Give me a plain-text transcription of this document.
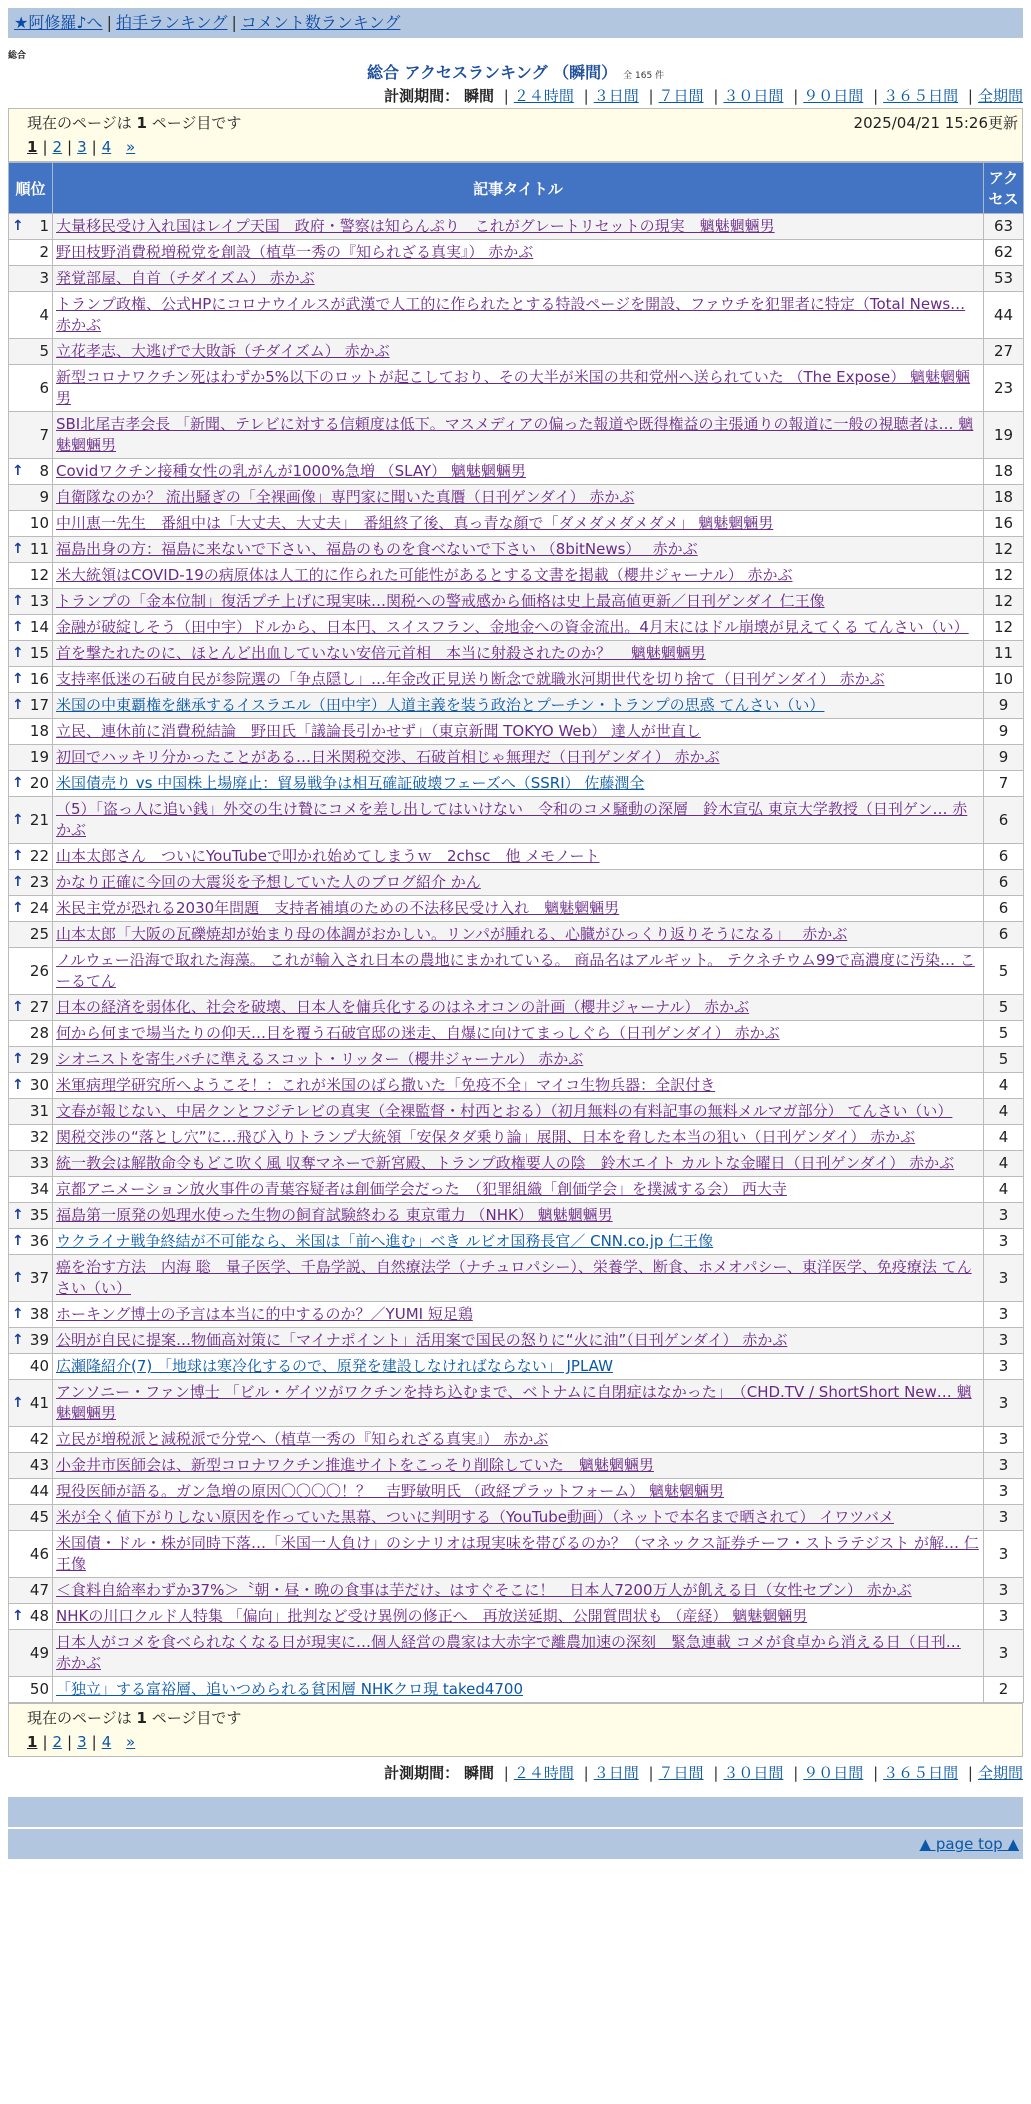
★阿修羅♪へ | 拍手ランキング | コメント数ランキング
総合
総合 アクセスランキング （瞬間） 全 165 件
計測期間： 瞬間 | ２４時間 | ３日間 | ７日間 | ３０日間 | ９０日間 | ３６５日間 | 全期間
現在のページは 1 ページ目です	2025/04/21 15:26更新
1 | 2 | 3 | 4 »
順位	記事タイトル	アクセス

↑ 1	大量移民受け入れ国はレイプ天国　政府・警察は知らんぷり　これがグレートリセットの現実　魑魅魍魎男	63
2	野田枝野消費税増税党を創設（植草一秀の『知られざる真実』） 赤かぶ	62
3	発覚部屋、自首（チダイズム） 赤かぶ	53
4	トランプ政権、公式HPにコロナウイルスが武漢で人工的に作られたとする特設ページを開設、ファウチを犯罪者に特定（Total News… 赤かぶ	44
5	立花孝志、大逃げで大敗訴（チダイズム） 赤かぶ	27
6	新型コロナワクチン死はわずか5%以下のロットが起こしており、その大半が米国の共和党州へ送られていた （The Expose） 魑魅魍魎男	23
7	SBI北尾吉孝会長 「新聞、テレビに対する信頼度は低下。マスメディアの偏った報道や既得権益の主張通りの報道に一般の視聴者は… 魑魅魍魎男	19

↑ 8	Covidワクチン接種女性の乳がんが1000%急増 （SLAY） 魑魅魍魎男	18
9	自衛隊なのか？ 流出騒ぎの「全裸画像」専門家に聞いた真贋（日刊ゲンダイ） 赤かぶ	18
10	中川恵一先生　番組中は「大丈夫、大丈夫」　番組終了後、真っ青な顔で「ダメダメダメダメ」 魑魅魍魎男	16

↑ 11	福島出身の方：福島に来ないで下さい、福島のものを食べないで下さい （8bitNews）　 赤かぶ	12
12	米大統領はCOVID-19の病原体は人工的に作られた可能性があるとする文書を掲載（櫻井ジャーナル） 赤かぶ	12

↑ 13	トランプの「金本位制」復活プチ上げに現実味…関税への警戒感から価格は史上最高値更新／日刊ゲンダイ 仁王像	12

↑ 14	金融が破綻しそう（田中宇）ドルから、日本円、スイスフラン、金地金への資金流出。4月末にはドル崩壊が見えてくる てんさい（い）	12

↑ 15	首を撃たれたのに、ほとんど出血していない安倍元首相　本当に射殺されたのか？　 魑魅魍魎男	11

↑ 16	支持率低迷の石破自民が参院選の「争点隠し」…年金改正見送り断念で就職氷河期世代を切り捨て（日刊ゲンダイ） 赤かぶ	10

↑ 17	米国の中東覇権を継承するイスラエル（田中宇）人道主義を装う政治とプーチン・トランプの思惑 てんさい（い）	9
18	立民、連休前に消費税結論　野田氏「議論長引かせず」（東京新聞 TOKYO Web） 達人が世直し	9
19	初回でハッキリ分かったことがある…日米関税交渉、石破首相じゃ無理だ（日刊ゲンダイ） 赤かぶ	9

↑ 20	米国債売り vs 中国株上場廃止：貿易戦争は相互確証破壊フェーズへ（SSRI） 佐藤潤全	7

↑ 21	（5）「盗っ人に追い銭」外交の生け贄にコメを差し出してはいけない　令和のコメ騒動の深層　鈴木宣弘 東京大学教授（日刊ゲン… 赤かぶ	6

↑ 22	山本太郎さん　ついにYouTubeで叩かれ始めてしまうｗ　2chsc　他 メモノート	6

↑ 23	かなり正確に今回の大震災を予想していた人のブログ紹介 かん	6

↑ 24	米民主党が恐れる2030年問題　支持者補填のための不法移民受け入れ　魑魅魍魎男	6
25	山本太郎「大阪の瓦礫焼却が始まり母の体調がおかしい。リンパが腫れる、心臓がひっくり返りそうになる」　 赤かぶ	6
26	ノルウェー沿海で取れた海藻。 これが輸入され日本の農地にまかれている。 商品名はアルギット。 テクネチウム99で高濃度に汚染… こーるてん	5

↑ 27	日本の経済を弱体化、社会を破壊、日本人を傭兵化するのはネオコンの計画（櫻井ジャーナル） 赤かぶ	5
28	何から何まで場当たりの仰天…目を覆う石破官邸の迷走、自爆に向けてまっしぐら（日刊ゲンダイ） 赤かぶ	5

↑ 29	シオニストを寄生バチに準えるスコット・リッター（櫻井ジャーナル） 赤かぶ	5

↑ 30	米軍病理学研究所へようこそ！：これが米国のばら撒いた「免疫不全」マイコ生物兵器：全訳付き	4
31	文春が報じない、中居クンとフジテレビの真実（全裸監督・村西とおる）（初月無料の有料記事の無料メルマガ部分） てんさい（い）	4
32	関税交渉の“落とし穴”に…飛び入りトランプ大統領「安保タダ乗り論」展開、日本を脅した本当の狙い（日刊ゲンダイ） 赤かぶ	4
33	統一教会は解散命令もどこ吹く風 収奪マネーで新宮殿、トランプ政権要人の陰　鈴木エイト カルトな金曜日（日刊ゲンダイ） 赤かぶ	4
34	京都アニメーション放火事件の青葉容疑者は創価学会だった　（犯罪組織「創価学会」を撲滅する会） 西大寺	4

↑ 35	福島第一原発の処理水使った生物の飼育試験終わる 東京電力 （NHK） 魑魅魍魎男	3

↑ 36	ウクライナ戦争終結が不可能なら、米国は「前へ進む」べき ルビオ国務長官／ CNN.co.jp 仁王像	3

↑ 37	癌を治す方法　内海 聡　量子医学、千島学説、自然療法学（ナチュロパシー）、栄養学、断食、ホメオパシー、東洋医学、免疫療法 てんさい（い）	3

↑ 38	ホーキング博士の予言は本当に的中するのか？／YUMI 短足鶏	3

↑ 39	公明が自民に提案…物価高対策に「マイナポイント」活用案で国民の怒りに“火に油”（日刊ゲンダイ） 赤かぶ	3
40	広瀬隆紹介(7) 「地球は寒冷化するので、原発を建設しなければならない」 JPLAW	3

↑ 41	アンソニー・ファン博士 「ビル・ゲイツがワクチンを持ち込むまで、ベトナムに自閉症はなかった」　（CHD.TV / ShortShort New… 魑魅魍魎男	3
42	立民が増税派と減税派で分党へ（植草一秀の『知られざる真実』） 赤かぶ	3
43	小金井市医師会は、新型コロナワクチン推進サイトをこっそり削除していた　魑魅魍魎男	3
44	現役医師が語る。ガン急増の原因〇〇〇〇！？　吉野敏明氏 （政経プラットフォーム） 魑魅魍魎男	3
45	米が全く値下がりしない原因を作っていた黒幕、ついに判明する（YouTube動画）（ネットで本名まで晒されて） イワツバメ	3
46	米国債・ドル・株が同時下落…「米国一人負け」のシナリオは現実味を帯びるのか？（マネックス証券チーフ・ストラテジスト が解… 仁王像	3
47	＜食料自給率わずか37%＞〝朝・昼・晩の食事は芋だけ〟はすぐそこに！　日本人7200万人が飢える日（女性セブン） 赤かぶ	3

↑ 48	NHKの川口クルド人特集 「偏向」批判など受け異例の修正へ　再放送延期、公開質問状も （産経） 魑魅魍魎男	3
49	日本人がコメを食べられなくなる日が現実に…個人経営の農家は大赤字で離農加速の深刻　緊急連載 コメが食卓から消える日（日刊… 赤かぶ	3
50	「独立」する富裕層、追いつめられる貧困層 NHKクロ現 taked4700	2
現在のページは 1 ページ目です
1 | 2 | 3 | 4 »
計測期間： 瞬間 | ２４時間 | ３日間 | ７日間 | ３０日間 | ９０日間 | ３６５日間 | 全期間
▲ page top ▲
